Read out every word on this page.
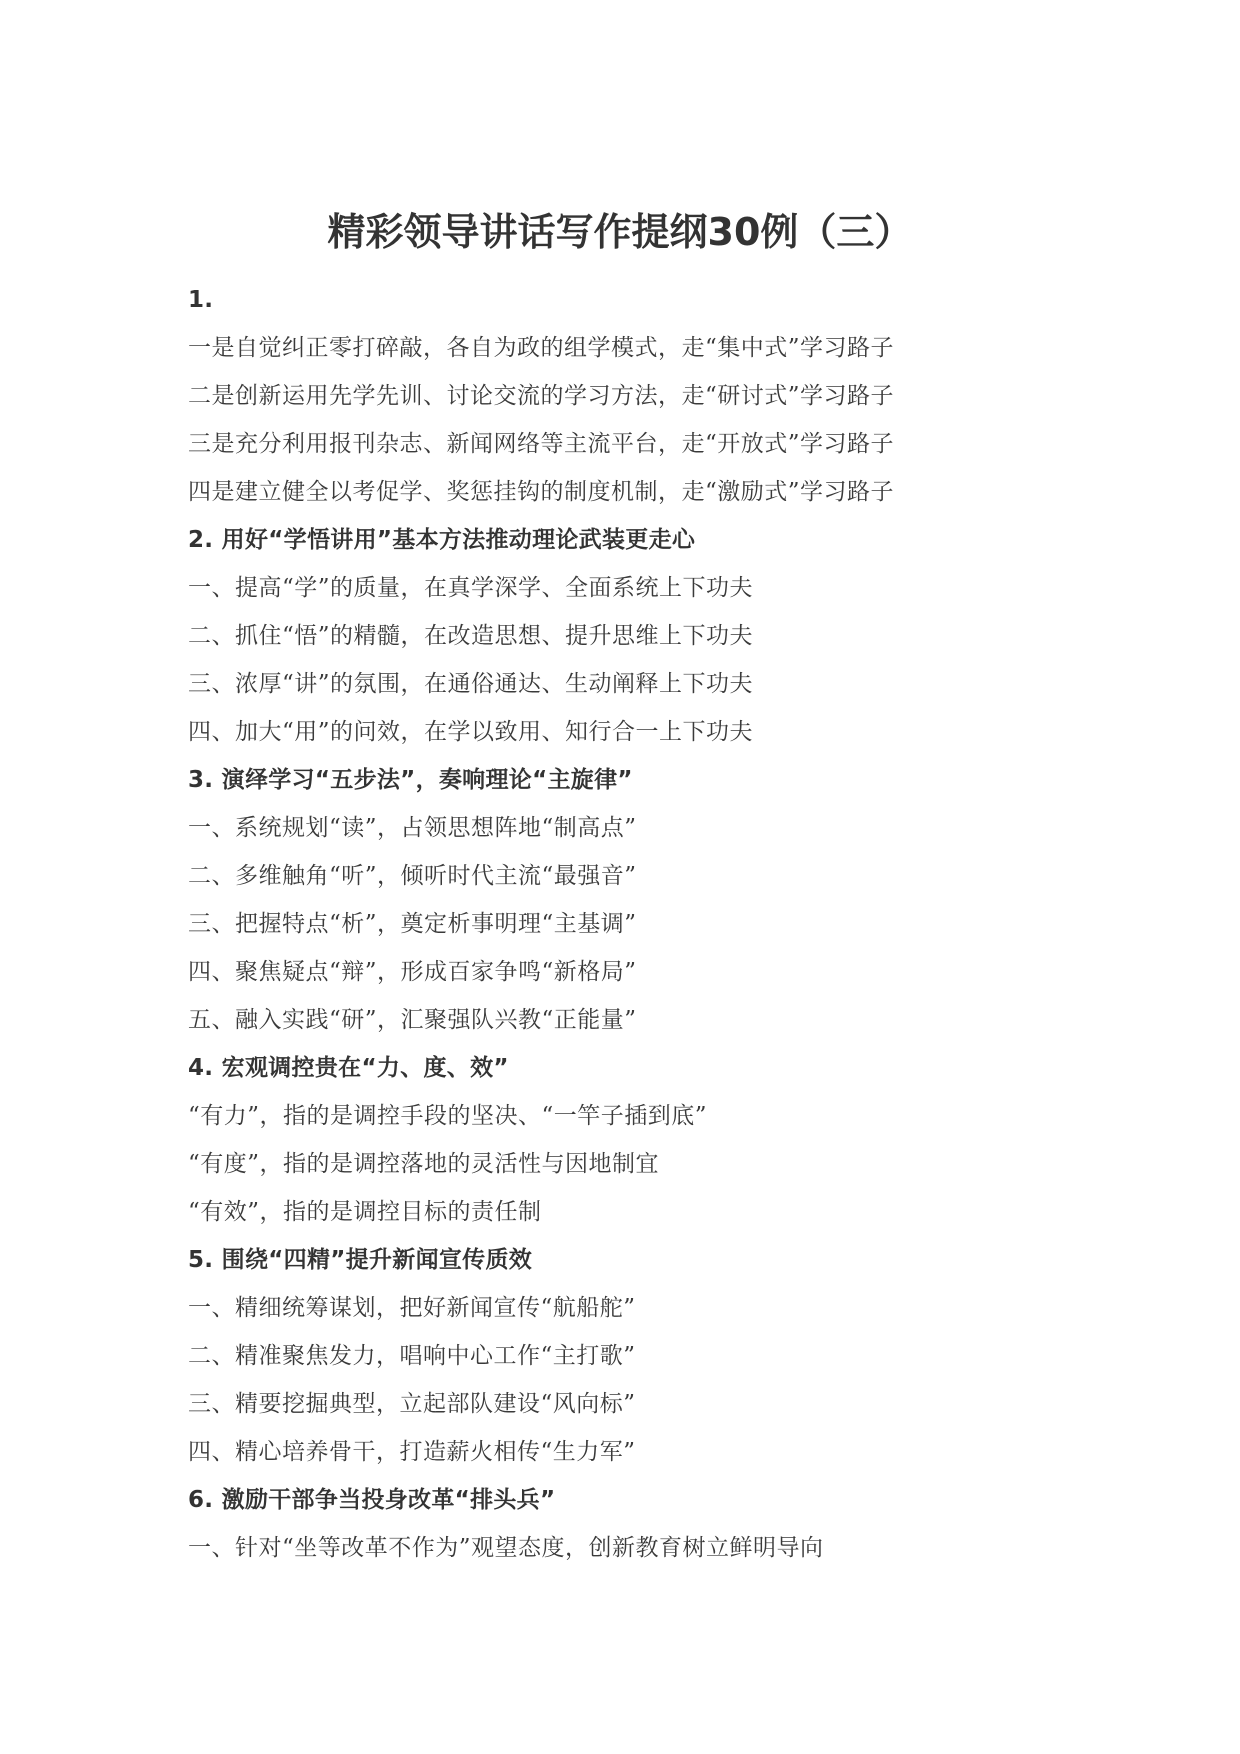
精彩领导讲话写作提纲30例（三）
1.
一是自觉纠正零打碎敲，各自为政的组学模式，走“集中式”学习路子
二是创新运用先学先训、讨论交流的学习方法，走“研讨式”学习路子
三是充分利用报刊杂志、新闻网络等主流平台，走“开放式”学习路子
四是建立健全以考促学、奖惩挂钩的制度机制，走“激励式”学习路子
2. 用好“学悟讲用”基本方法推动理论武装更走心
一、提高“学”的质量，在真学深学、全面系统上下功夫
二、抓住“悟”的精髓，在改造思想、提升思维上下功夫
三、浓厚“讲”的氛围，在通俗通达、生动阐释上下功夫
四、加大“用”的问效，在学以致用、知行合一上下功夫
3. 演绎学习“五步法”，奏响理论“主旋律”
一、系统规划“读”，占领思想阵地“制高点”
二、多维触角“听”，倾听时代主流“最强音”
三、把握特点“析”，奠定析事明理“主基调”
四、聚焦疑点“辩”，形成百家争鸣“新格局”
五、融入实践“研”，汇聚强队兴教“正能量”
4. 宏观调控贵在“力、度、效”
“有力”，指的是调控手段的坚决、“一竿子插到底”
“有度”，指的是调控落地的灵活性与因地制宜
“有效”，指的是调控目标的责任制
5. 围绕“四精”提升新闻宣传质效
一、精细统筹谋划，把好新闻宣传“航船舵”
二、精准聚焦发力，唱响中心工作“主打歌”
三、精要挖掘典型，立起部队建设“风向标”
四、精心培养骨干，打造薪火相传“生力军”
6. 激励干部争当投身改革“排头兵”
一、针对“坐等改革不作为”观望态度，创新教育树立鲜明导向
